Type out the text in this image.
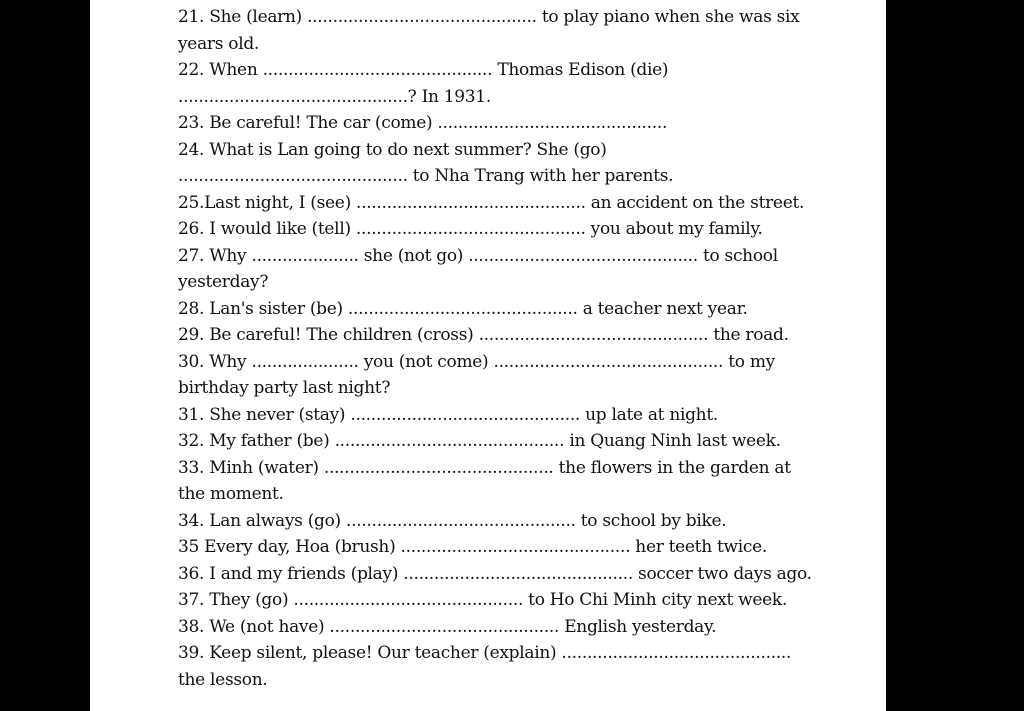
21. She (learn) ............................................. to play piano when she was six
years old.
22. When ............................................. Thomas Edison (die)
.............................................? In 1931.
23. Be careful! The car (come) .............................................
24. What is Lan going to do next summer? She (go)
............................................. to Nha Trang with her parents.
25.Last night, I (see) ............................................. an accident on the street.
26. I would like (tell) ............................................. you about my family.
27. Why ..................... she (not go) ............................................. to school
yesterday?
28. Lan's sister (be) ............................................. a teacher next year.
29. Be careful! The children (cross) ............................................. the road.
30. Why ..................... you (not come) ............................................. to my
birthday party last night?
31. She never (stay) ............................................. up late at night.
32. My father (be) ............................................. in Quang Ninh last week.
33. Minh (water) ............................................. the flowers in the garden at
the moment.
34. Lan always (go) ............................................. to school by bike.
35 Every day, Hoa (brush) ............................................. her teeth twice.
36. I and my friends (play) ............................................. soccer two days ago.
37. They (go) ............................................. to Ho Chi Minh city next week.
38. We (not have) ............................................. English yesterday.
39. Keep silent, please! Our teacher (explain) .............................................
the lesson.
